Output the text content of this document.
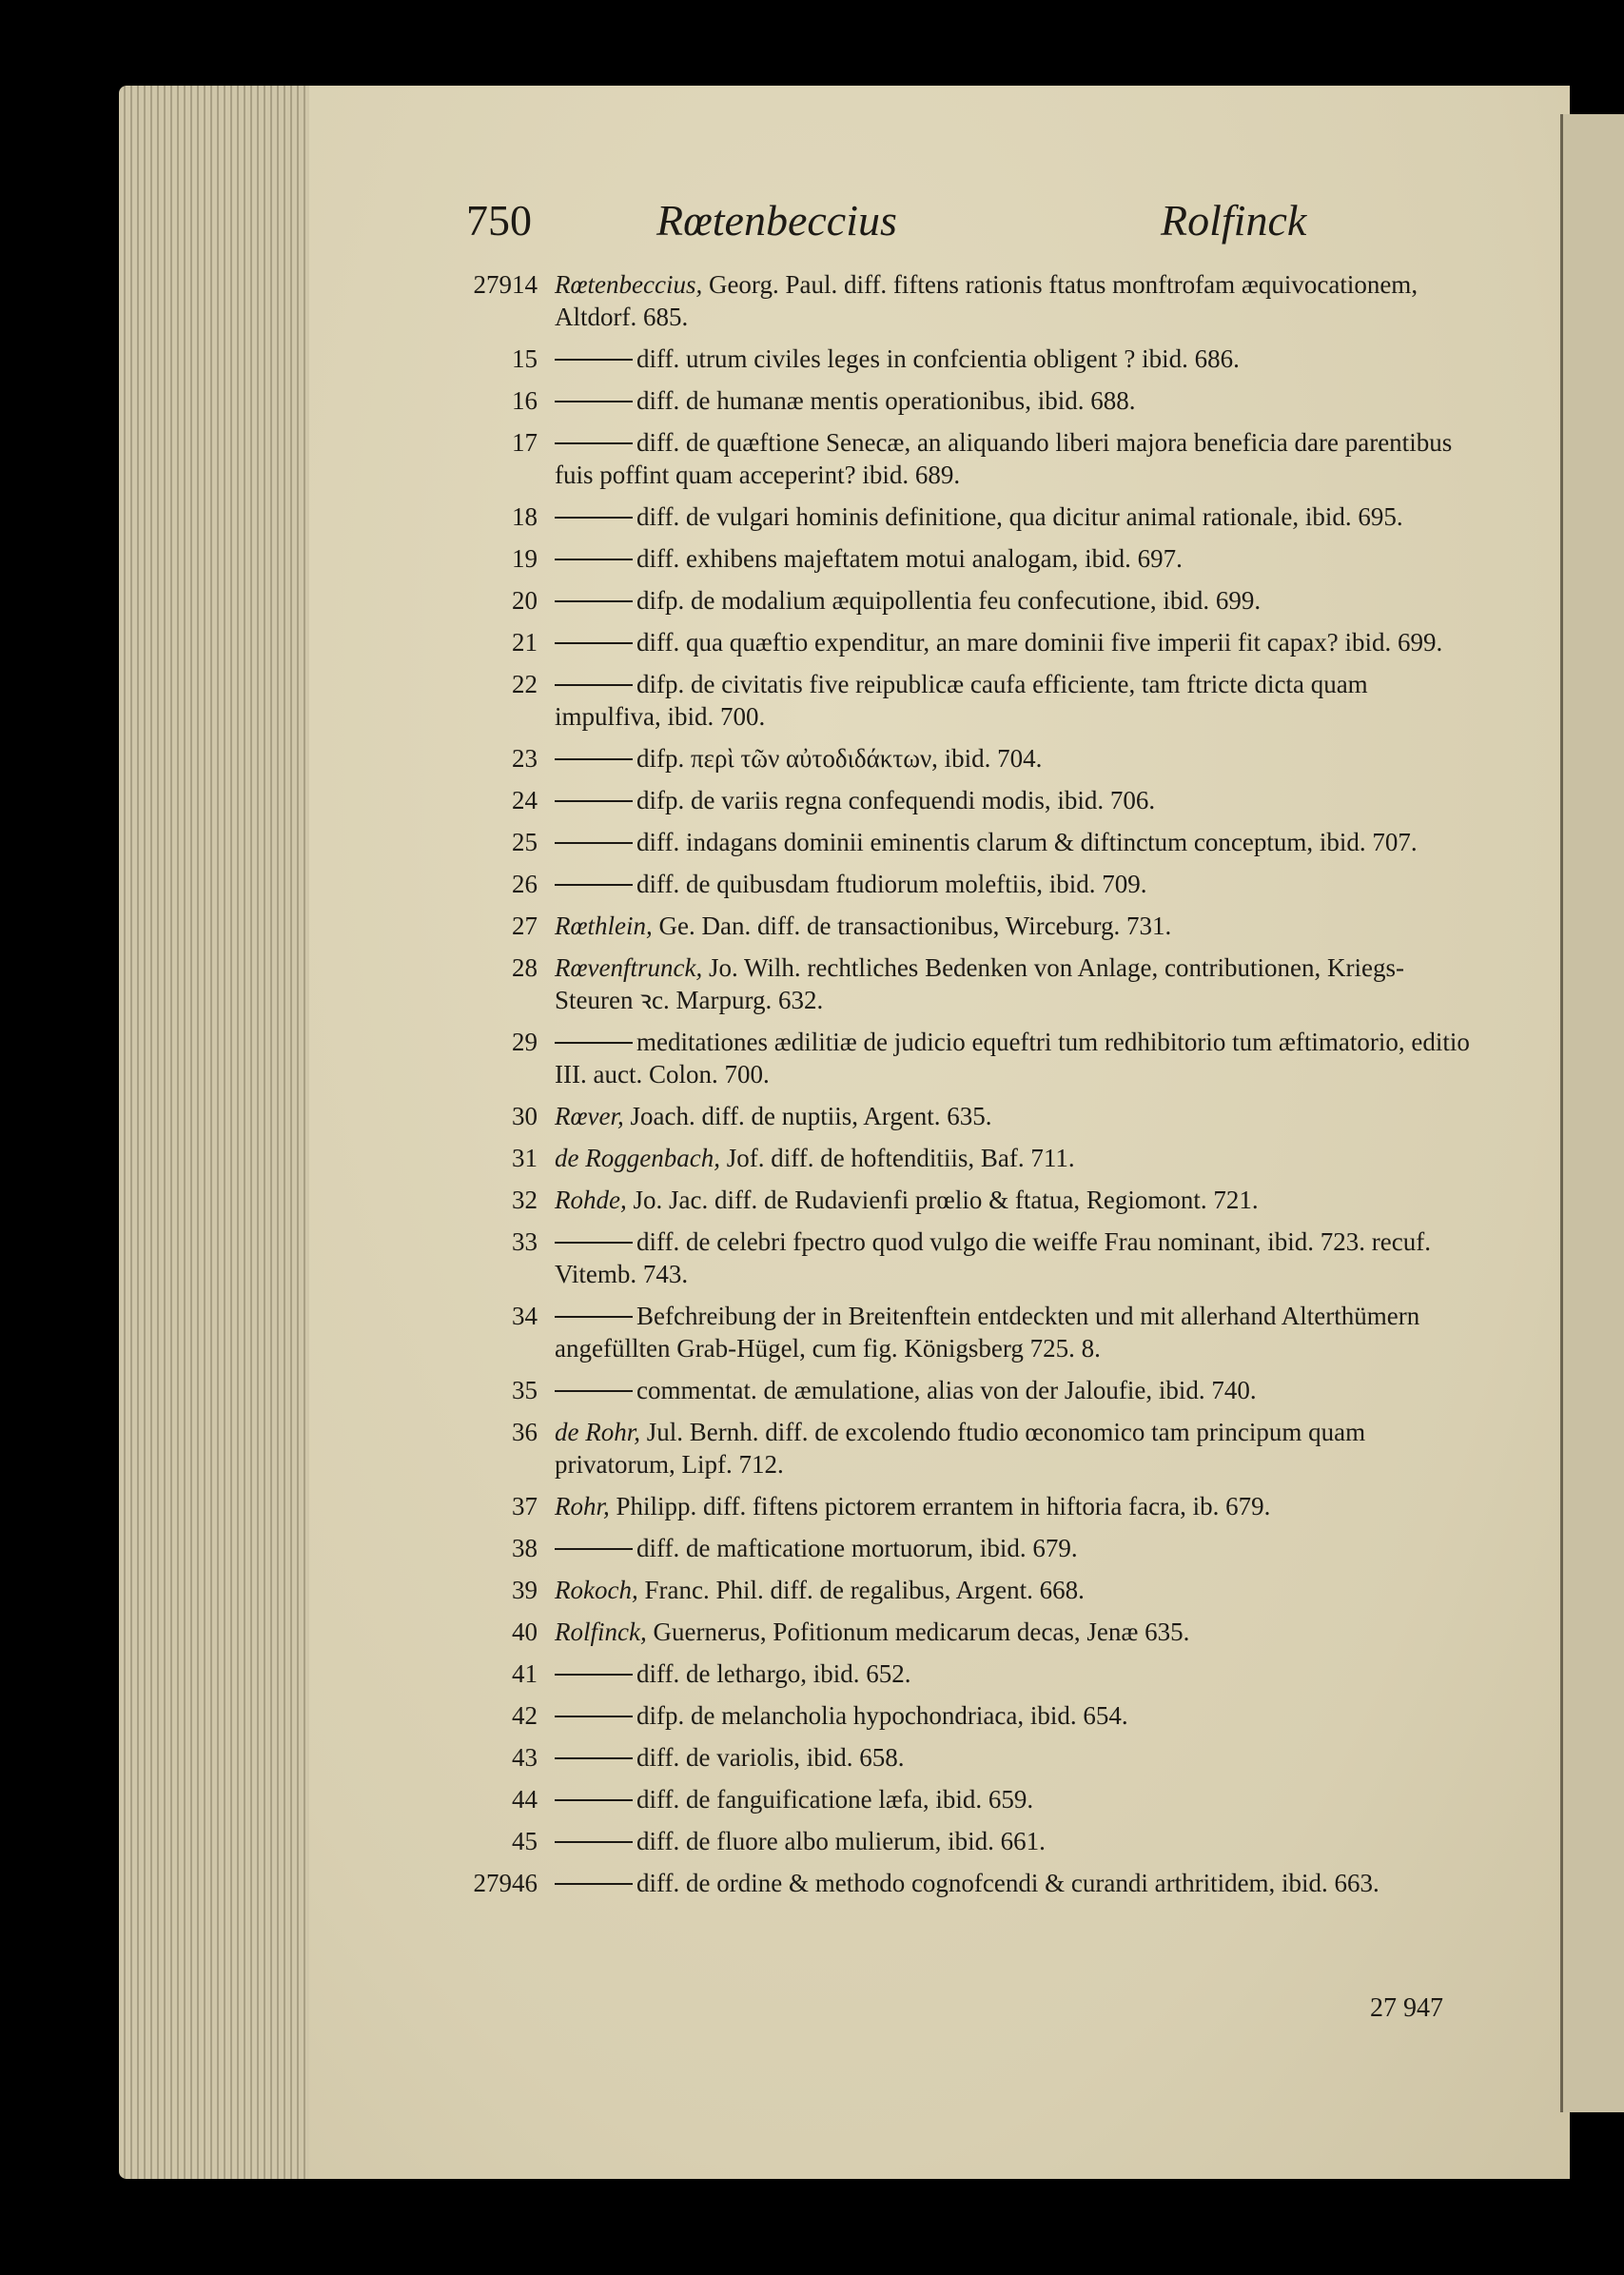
750	Rœtenbeccius	Rolfinck
27914 Rœtenbeccius, Georg. Paul. diff. fiftens rationis ftatus monftrofam æquivocationem, Altdorf. 685.
15	diff. utrum civiles leges in confcientia obligent ? ibid. 686.
16	diff. de humanæ mentis operationibus, ibid. 688.
17	diff. de quæftione Senecæ, an aliquando liberi majora beneficia dare parentibus fuis poffint quam acceperint? ibid. 689.
18	diff. de vulgari hominis definitione, qua dicitur animal rationale, ibid. 695.
19	diff. exhibens majeftatem motui analogam, ibid. 697.
20	difp. de modalium æquipollentia feu confecutione, ibid. 699.
21	diff. qua quæftio expenditur, an mare dominii five imperii fit capax? ibid. 699.
22	difp. de civitatis five reipublicæ caufa efficiente, tam ftricte dicta quam impulfiva, ibid. 700.
23	difp. περὶ τῶν αὐτοδιδάκτων, ibid. 704.
24	difp. de variis regna confequendi modis, ibid. 706.
25	diff. indagans dominii eminentis clarum & diftinctum conceptum, ibid. 707.
26	diff. de quibusdam ftudiorum moleftiis, ibid. 709.
27 Rœthlein, Ge. Dan. diff. de transactionibus, Wirceburg. 731.
28 Rœvenftrunck, Jo. Wilh. rechtliches Bedenken von Anlage, contributionen, Kriegs-Steuren ꝛc. Marpurg. 632.
29	meditationes ædilitiæ de judicio equeftri tum redhibitorio tum æftimatorio, editio III. auct. Colon. 700.
30 Rœver, Joach. diff. de nuptiis, Argent. 635.
31 de Roggenbach, Jof. diff. de hoftenditiis, Baf. 711.
32 Rohde, Jo. Jac. diff. de Rudavienfi prœlio & ftatua, Regiomont. 721.
33	diff. de celebri fpectro quod vulgo die weiffe Frau nominant, ibid. 723. recuf. Vitemb. 743.
34	Befchreibung der in Breitenftein entdeckten und mit allerhand Alterthümern angefüllten Grab-Hügel, cum fig. Königsberg 725. 8.
35	commentat. de æmulatione, alias von der Jaloufie, ibid. 740.
36 de Rohr, Jul. Bernh. diff. de excolendo ftudio œconomico tam principum quam privatorum, Lipf. 712.
37 Rohr, Philipp. diff. fiftens pictorem errantem in hiftoria facra, ib. 679.
38	diff. de mafticatione mortuorum, ibid. 679.
39 Rokoch, Franc. Phil. diff. de regalibus, Argent. 668.
40 Rolfinck, Guernerus, Pofitionum medicarum decas, Jenæ 635.
41	diff. de lethargo, ibid. 652.
42	difp. de melancholia hypochondriaca, ibid. 654.
43	diff. de variolis, ibid. 658.
44	diff. de fanguificatione læfa, ibid. 659.
45	diff. de fluore albo mulierum, ibid. 661.
27946	diff. de ordine & methodo cognofcendi & curandi arthritidem, ibid. 663.
27 947
